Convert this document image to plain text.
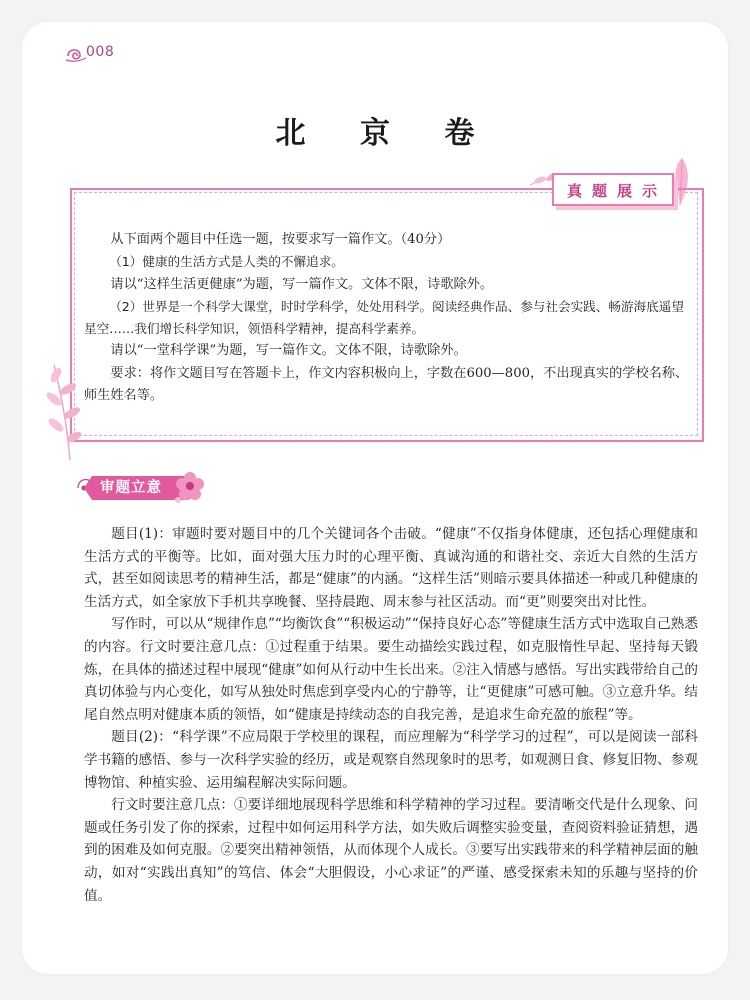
008
北 京 卷
真题展示

从下面两个题目中任选一题，按要求写一篇作文。（40分）

（1）健康的生活方式是人类的不懈追求。

请以“这样生活更健康”为题，写一篇作文。文体不限，诗歌除外。

（2）世界是一个科学大课堂，时时学科学，处处用科学。阅读经典作品、参与社会实践、畅游海底遥望星空……我们增长科学知识，领悟科学精神，提高科学素养。

请以“一堂科学课”为题，写一篇作文。文体不限，诗歌除外。

要求：将作文题目写在答题卡上，作文内容积极向上，字数在600—800，不出现真实的学校名称、师生姓名等。

审题立意

题目(1)：审题时要对题目中的几个关键词各个击破。“健康”不仅指身体健康，还包括心理健康和生活方式的平衡等。比如，面对强大压力时的心理平衡、真诚沟通的和谐社交、亲近大自然的生活方式，甚至如阅读思考的精神生活，都是“健康”的内涵。“这样生活”则暗示要具体描述一种或几种健康的生活方式，如全家放下手机共享晚餐、坚持晨跑、周末参与社区活动。而“更”则要突出对比性。

写作时，可以从“规律作息”“均衡饮食”“积极运动”“保持良好心态”等健康生活方式中选取自己熟悉的内容。行文时要注意几点：①过程重于结果。要生动描绘实践过程，如克服惰性早起、坚持每天锻炼，在具体的描述过程中展现“健康”如何从行动中生长出来。②注入情感与感悟。写出实践带给自己的真切体验与内心变化，如写从独处时焦虑到享受内心的宁静等，让“更健康”可感可触。③立意升华。结尾自然点明对健康本质的领悟，如“健康是持续动态的自我完善，是追求生命充盈的旅程”等。

题目(2)：“科学课”不应局限于学校里的课程，而应理解为“科学学习的过程”，可以是阅读一部科学书籍的感悟、参与一次科学实验的经历，或是观察自然现象时的思考，如观测日食、修复旧物、参观博物馆、种植实验、运用编程解决实际问题。

行文时要注意几点：①要详细地展现科学思维和科学精神的学习过程。要清晰交代是什么现象、问题或任务引发了你的探索，过程中如何运用科学方法，如失败后调整实验变量，查阅资料验证猜想，遇到的困难及如何克服。②要突出精神领悟，从而体现个人成长。③要写出实践带来的科学精神层面的触动，如对“实践出真知”的笃信、体会“大胆假设，小心求证”的严谨、感受探索未知的乐趣与坚持的价值。
